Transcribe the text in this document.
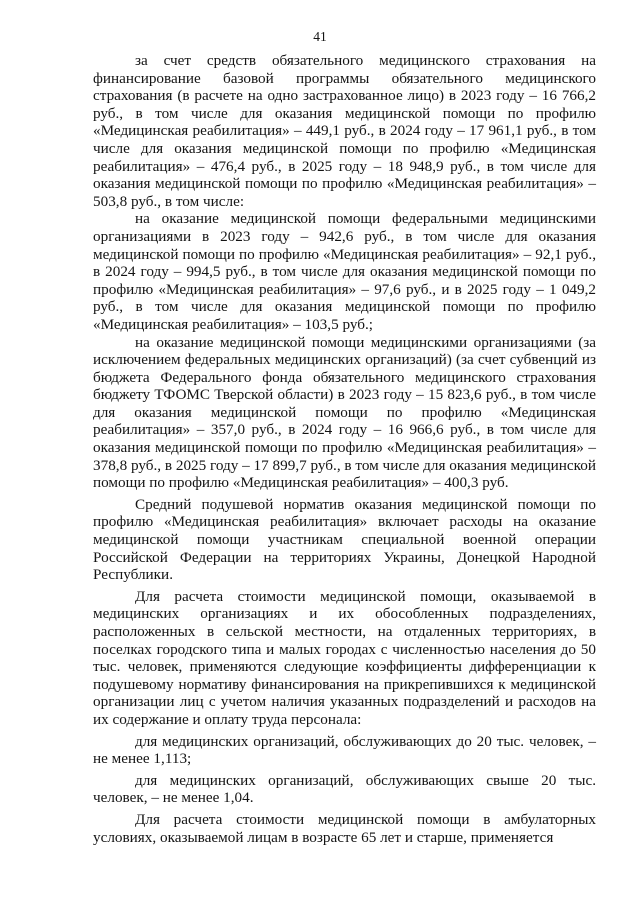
41

за счет средств обязательного медицинского страхования на финансирование базовой программы обязательного медицинского страхования (в расчете на одно застрахованное лицо) в 2023 году – 16 766,2 руб., в том числе для оказания медицинской помощи по профилю «Медицинская реабилитация» – 449,1 руб., в 2024 году – 17 961,1 руб., в том числе для оказания медицинской помощи по профилю «Медицинская реабилитация» – 476,4 руб., в 2025 году – 18 948,9 руб., в том числе для оказания медицинской помощи по профилю «Медицинская реабилитация» – 503,8 руб., в том числе:

на оказание медицинской помощи федеральными медицинскими организациями в 2023 году – 942,6 руб., в том числе для оказания медицинской помощи по профилю «Медицинская реабилитация» – 92,1 руб., в 2024 году – 994,5 руб., в том числе для оказания медицинской помощи по профилю «Медицинская реабилитация» – 97,6 руб., и в 2025 году – 1 049,2 руб., в том числе для оказания медицинской помощи по профилю «Медицинская реабилитация» – 103,5 руб.;

на оказание медицинской помощи медицинскими организациями (за исключением федеральных медицинских организаций) (за счет субвенций из бюджета Федерального фонда обязательного медицинского страхования бюджету ТФОМС Тверской области) в 2023 году – 15 823,6 руб., в том числе для оказания медицинской помощи по профилю «Медицинская реабилитация» – 357,0 руб., в 2024 году – 16 966,6 руб., в том числе для оказания медицинской помощи по профилю «Медицинская реабилитация» – 378,8 руб., в 2025 году – 17 899,7 руб., в том числе для оказания медицинской помощи по профилю «Медицинская реабилитация» – 400,3 руб.

Средний подушевой норматив оказания медицинской помощи по профилю «Медицинская реабилитация» включает расходы на оказание медицинской помощи участникам специальной военной операции Российской Федерации на территориях Украины, Донецкой Народной Республики.

Для расчета стоимости медицинской помощи, оказываемой в медицинских организациях и их обособленных подразделениях, расположенных в сельской местности, на отдаленных территориях, в поселках городского типа и малых городах с численностью населения до 50 тыс. человек, применяются следующие коэффициенты дифференциации к подушевому нормативу финансирования на прикрепившихся к медицинской организации лиц с учетом наличия указанных подразделений и расходов на их содержание и оплату труда персонала:

для медицинских организаций, обслуживающих до 20 тыс. человек, – не менее 1,113;

для медицинских организаций, обслуживающих свыше 20 тыс. человек, – не менее 1,04.

Для расчета стоимости медицинской помощи в амбулаторных условиях, оказываемой лицам в возрасте 65 лет и старше, применяется
